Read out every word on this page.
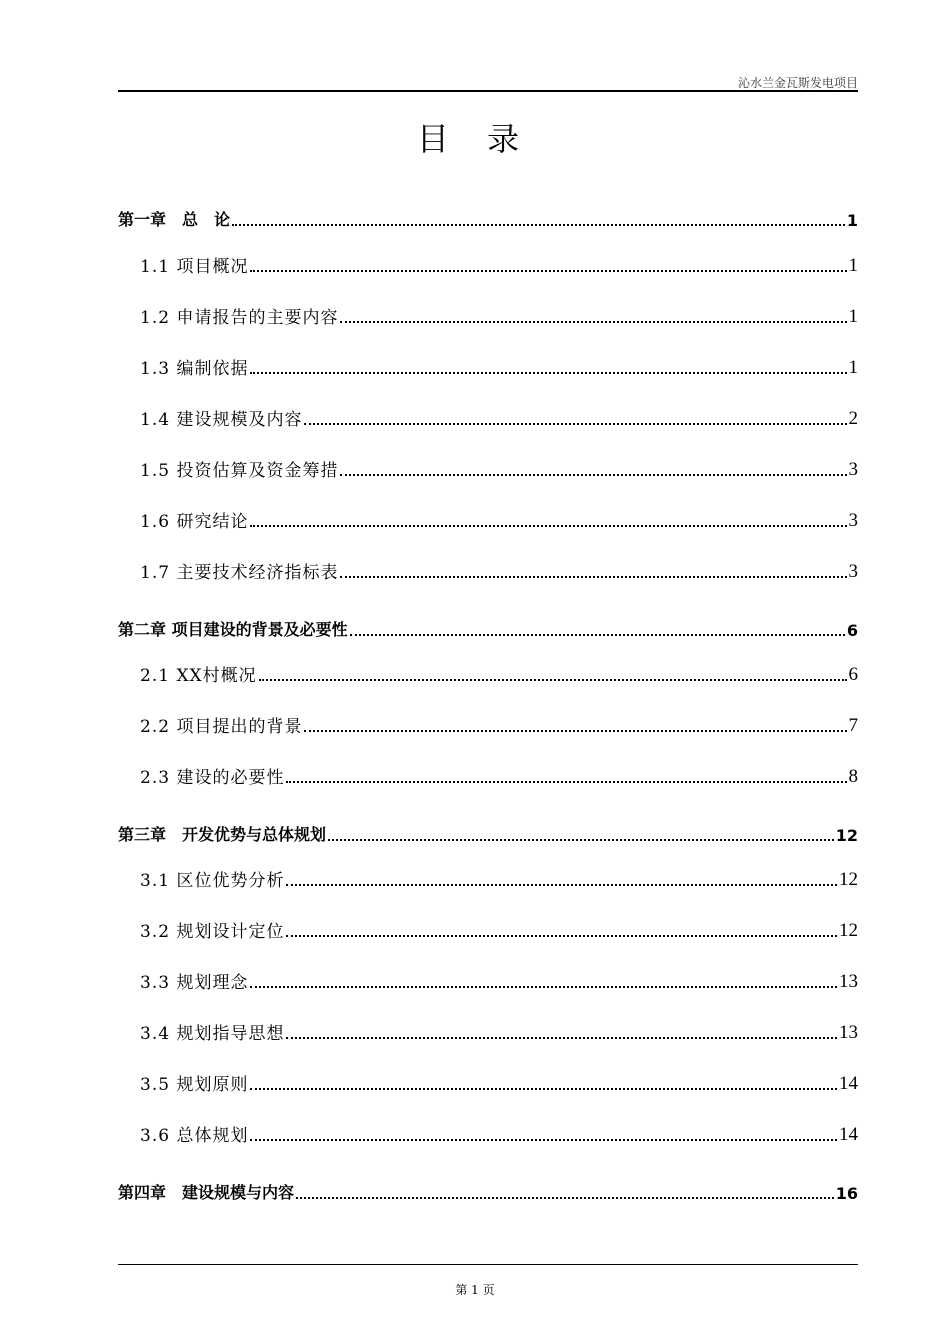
沁水兰金瓦斯发电项目
目 录
第一章　总　论	1
1.1 项目概况	1
1.2 申请报告的主要内容	1
1.3 编制依据	1
1.4 建设规模及内容	2
1.5 投资估算及资金筹措	3
1.6 研究结论	3
1.7 主要技术经济指标表	3
第二章 项目建设的背景及必要性	6
2.1 XX村概况	6
2.2 项目提出的背景	7
2.3 建设的必要性	8
第三章　开发优势与总体规划	12
3.1 区位优势分析	12
3.2 规划设计定位	12
3.3 规划理念	13
3.4 规划指导思想	13
3.5 规划原则	14
3.6 总体规划	14
第四章　建设规模与内容	16
第 1 页
